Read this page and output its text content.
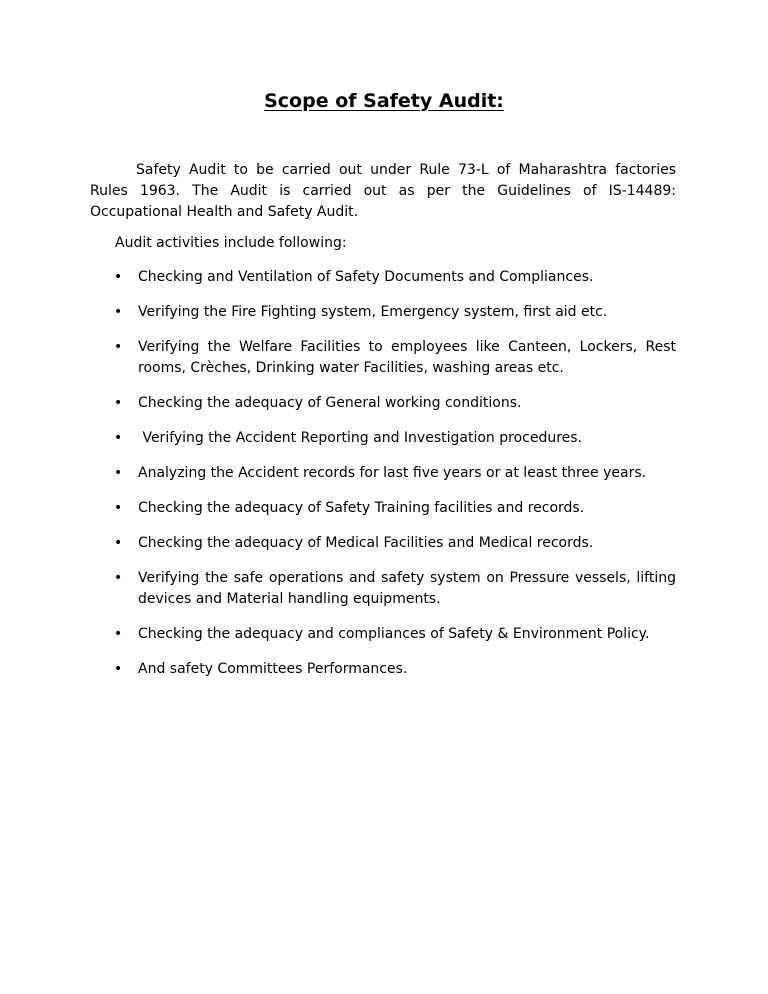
Scope of Safety Audit:

Safety Audit to be carried out under Rule 73-L of Maharashtra factories Rules 1963. The Audit is carried out as per the Guidelines of IS-14489: Occupational Health and Safety Audit.

Audit activities include following:

• Checking and Ventilation of Safety Documents and Compliances.
• Verifying the Fire Fighting system, Emergency system, first aid etc.
• Verifying the Welfare Facilities to employees like Canteen, Lockers, Rest rooms, Crèches, Drinking water Facilities, washing areas etc.
• Checking the adequacy of General working conditions.
• Verifying the Accident Reporting and Investigation procedures.
• Analyzing the Accident records for last five years or at least three years.
• Checking the adequacy of Safety Training facilities and records.
• Checking the adequacy of Medical Facilities and Medical records.
• Verifying the safe operations and safety system on Pressure vessels, lifting devices and Material handling equipments.
• Checking the adequacy and compliances of Safety & Environment Policy.
• And safety Committees Performances.
